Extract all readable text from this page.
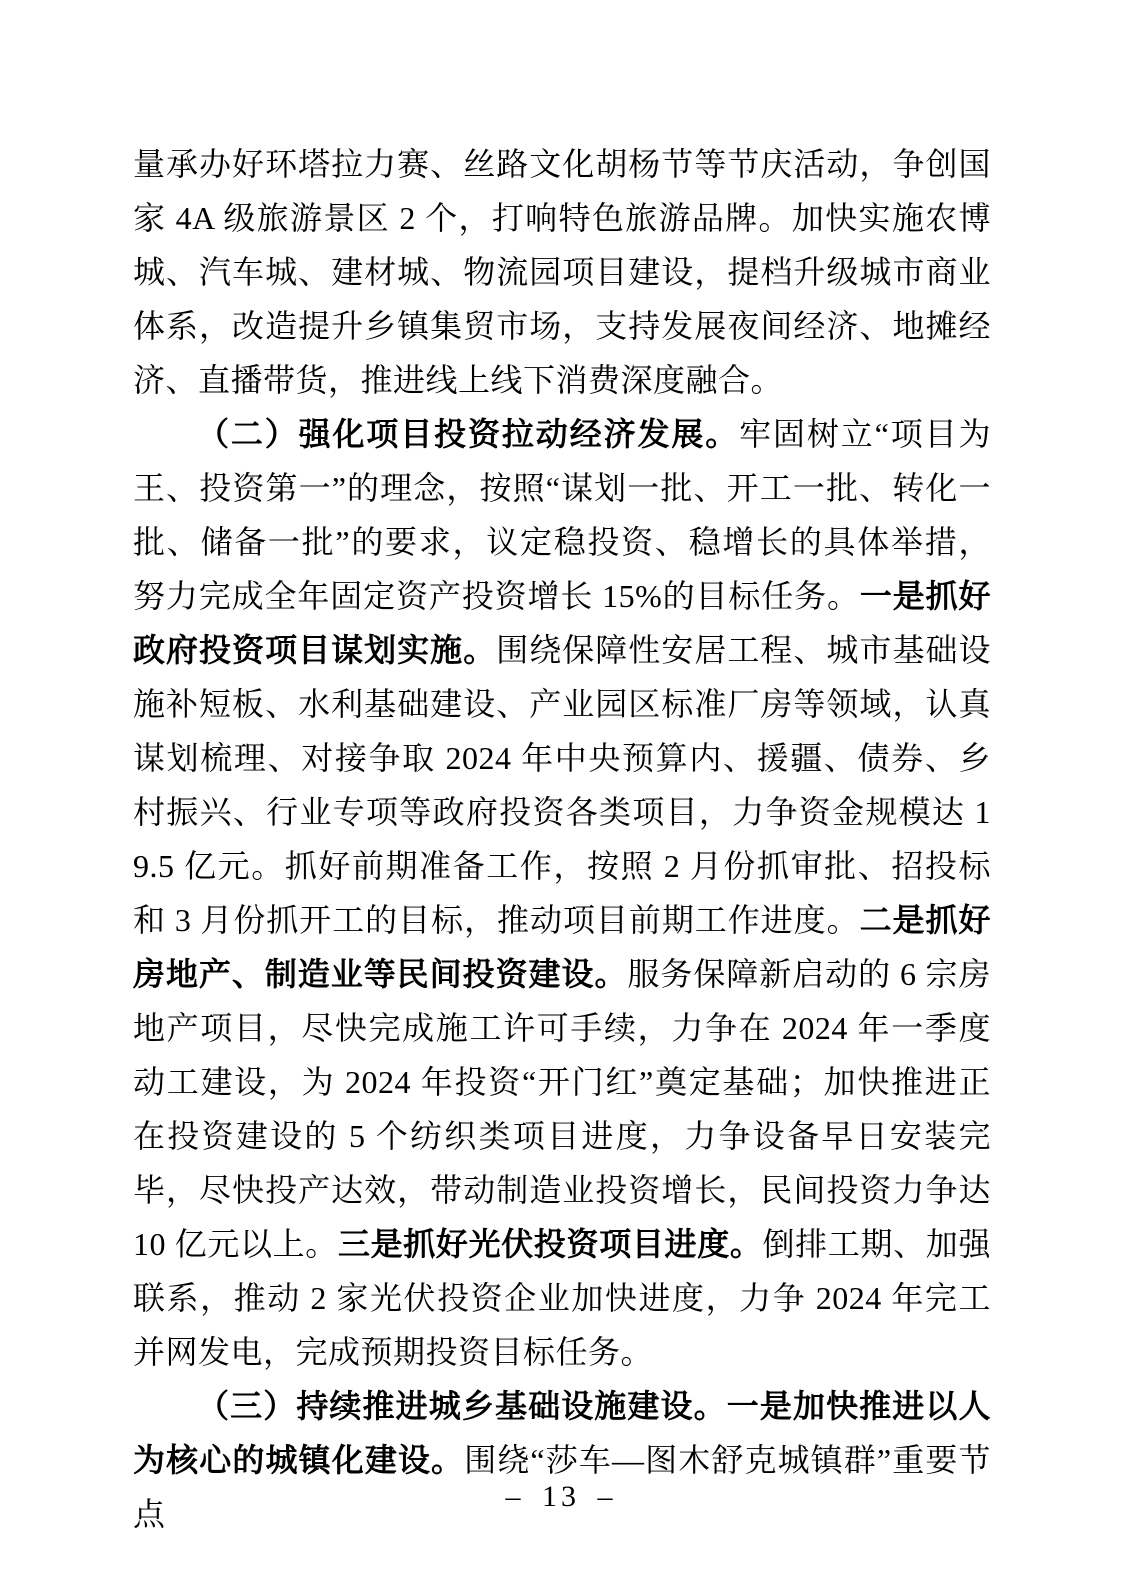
量承办好环塔拉力赛、丝路文化胡杨节等节庆活动，争创国家 4A 级旅游景区 2 个，打响特色旅游品牌。加快实施农博城、汽车城、建材城、物流园项目建设，提档升级城市商业体系，改造提升乡镇集贸市场，支持发展夜间经济、地摊经济、直播带货，推进线上线下消费深度融合。

（二）强化项目投资拉动经济发展。牢固树立“项目为王、投资第一”的理念，按照“谋划一批、开工一批、转化一批、储备一批”的要求，议定稳投资、稳增长的具体举措，努力完成全年固定资产投资增长 15%的目标任务。一是抓好政府投资项目谋划实施。围绕保障性安居工程、城市基础设施补短板、水利基础建设、产业园区标准厂房等领域，认真谋划梳理、对接争取 2024 年中央预算内、援疆、债券、乡村振兴、行业专项等政府投资各类项目，力争资金规模达 19.5 亿元。抓好前期准备工作，按照 2 月份抓审批、招投标和 3 月份抓开工的目标，推动项目前期工作进度。二是抓好房地产、制造业等民间投资建设。服务保障新启动的 6 宗房地产项目，尽快完成施工许可手续，力争在 2024 年一季度动工建设，为 2024 年投资“开门红”奠定基础；加快推进正在投资建设的 5 个纺织类项目进度，力争设备早日安装完毕，尽快投产达效，带动制造业投资增长，民间投资力争达 10 亿元以上。三是抓好光伏投资项目进度。倒排工期、加强联系，推动 2 家光伏投资企业加快进度，力争 2024 年完工并网发电，完成预期投资目标任务。

（三）持续推进城乡基础设施建设。一是加快推进以人为核心的城镇化建设。围绕“莎车—图木舒克城镇群”重要节点	– 13 –
